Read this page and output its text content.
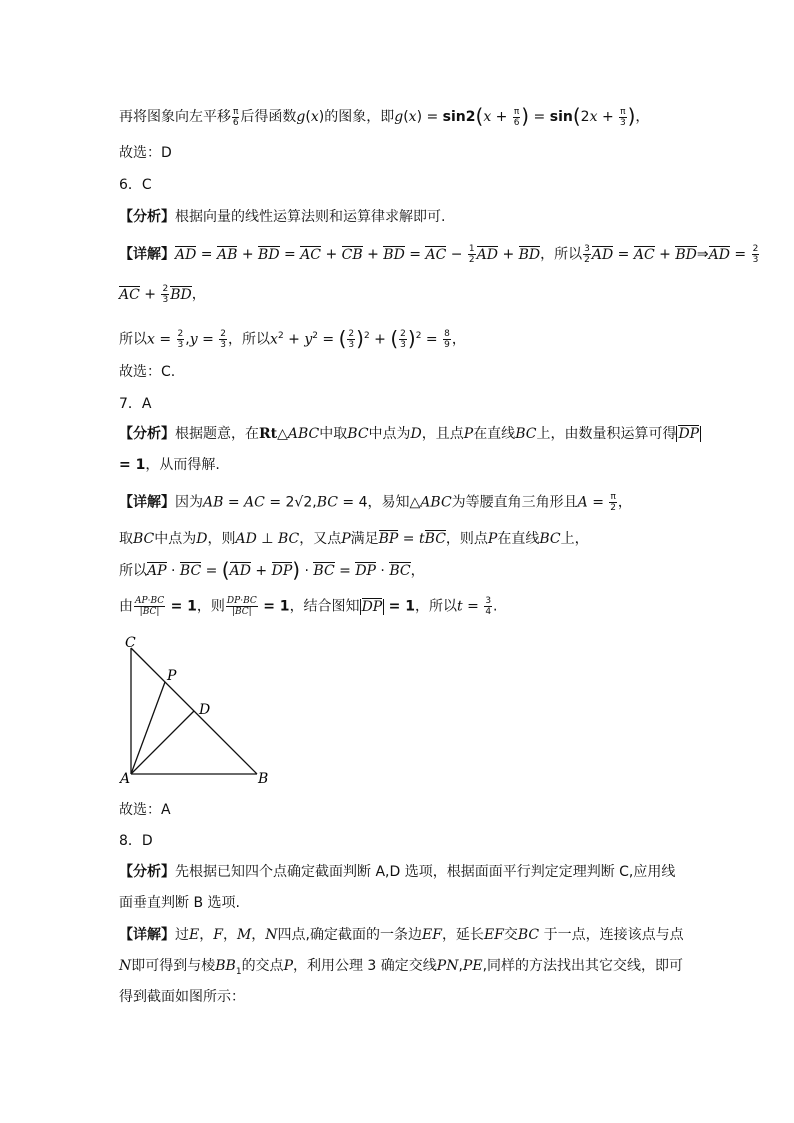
再将图象向左平移 $\frac{\pi}{6}$ 后得函数g(x)的图象，即$g(x) = \sin 2(x + \frac{\pi}{6}$ ) = $\sin(2x + \frac{\pi}{3}$ )，
故选：D
6．C
【分析】根据向量的线性运算法则和运算律求解即可.
【详解】AD = AB + BD = AC + CB + BD = AC − $\frac{1}{2}$ AD + BD，所以 $\frac{3}{2}$ AD = AC + BD⇒AD = $\frac{2}{3}$
AC + $\frac{2}{3}$ BD，
所以$x = \frac{2}{3} ,y = \frac{2}{3}$ ，所以$x^2 + y^2$ = ( $\frac{2}{3} )^2$ + ( $\frac{2}{3} )^2 = \frac{8}{9}$ ，
故选：C.
7．A
【分析】根据题意，在Rt△ABC中取BC中点为D，且点P在直线BC上，由数量积运算可得 DP
= 1，从而得解.
【详解】因为AB = AC = 2√2,BC = 4，易知△ABC为等腰直角三角形且$A = \frac{\pi}{2}$ ，
取BC中点为D，则AD ⊥ BC，又点P满足BP = tBC，则点P在直线BC上，
所以AP · BC = (AD + DP) · BC = DP · BC，
由 $\frac{AP\cdot BC}{|BC|} = 1$，则 $\frac{DP\cdot BC}{|BC|} = 1$，结合图知 DP = 1，所以$t = \frac{3}{4}$ .
C
P
D
A	B
故选：A
8．D
【分析】先根据已知四个点确定截面判断 A,D 选项，根据面面平行判定定理判断 C,应用线
面垂直判断 B 选项.
【详解】过E，F，M，N四点,确定截面的一条边EF，延长EF交BC 于一点，连接该点与点
N即可得到与棱$BB_1$的交点P，利用公理 3 确定交线PN,PE,同样的方法找出其它交线，即可
得到截面如图所示：
